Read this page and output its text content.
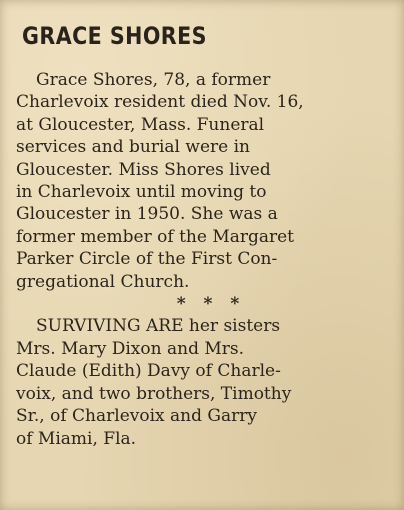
GRACE SHORES
Grace Shores, 78, a former
Charlevoix resident died Nov. 16,
at Gloucester, Mass. Funeral
services and burial were in
Gloucester. Miss Shores lived
in Charlevoix until moving to
Gloucester in 1950. She was a
former member of the Margaret
Parker Circle of the First Con-
gregational Church.
* * *
SURVIVING ARE her sisters
Mrs. Mary Dixon and Mrs.
Claude (Edith) Davy of Charle-
voix, and two brothers, Timothy
Sr., of Charlevoix and Garry
of Miami, Fla.
